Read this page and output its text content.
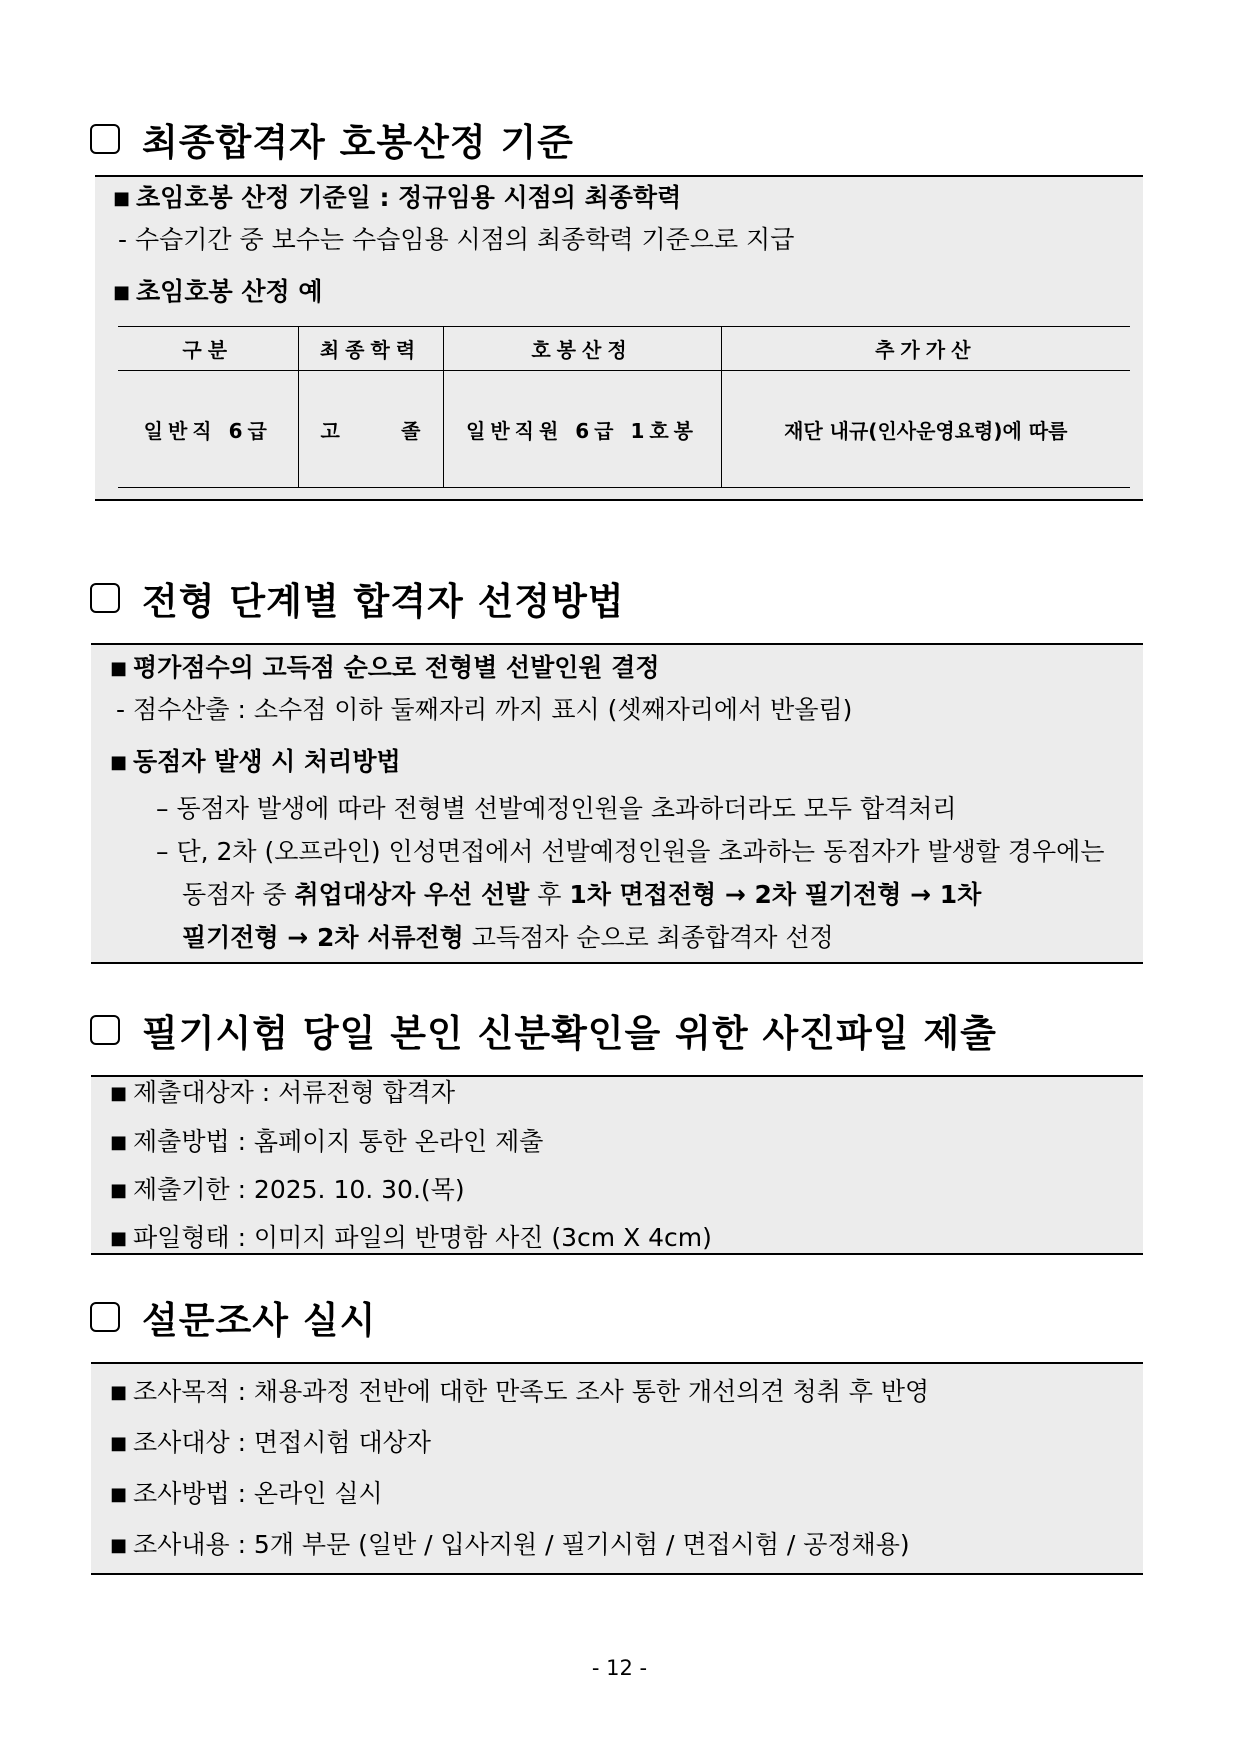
최종합격자 호봉산정 기준
■ 초임호봉 산정 기준일 : 정규임용 시점의 최종학력
- 수습기간 중 보수는 수습임용 시점의 최종학력 기준으로 지급
■ 초임호봉 산정 예
구분	최종학력	호봉산정	추가가산
일반직 6급	고 졸	일반직원 6급 1호봉	재단 내규(인사운영요령)에 따름
전형 단계별 합격자 선정방법
■ 평가점수의 고득점 순으로 전형별 선발인원 결정
- 점수산출 : 소수점 이하 둘째자리 까지 표시 (셋째자리에서 반올림)
■ 동점자 발생 시 처리방법
– 동점자 발생에 따라 전형별 선발예정인원을 초과하더라도 모두 합격처리
– 단, 2차 (오프라인) 인성면접에서 선발예정인원을 초과하는 동점자가 발생할 경우에는
동점자 중 취업대상자 우선 선발 후 1차 면접전형 → 2차 필기전형 → 1차
필기전형 → 2차 서류전형 고득점자 순으로 최종합격자 선정
필기시험 당일 본인 신분확인을 위한 사진파일 제출
■ 제출대상자 : 서류전형 합격자
■ 제출방법 : 홈페이지 통한 온라인 제출
■ 제출기한 : 2025. 10. 30.(목)
■ 파일형태 : 이미지 파일의 반명함 사진 (3cm X 4cm)
설문조사 실시
■ 조사목적 : 채용과정 전반에 대한 만족도 조사 통한 개선의견 청취 후 반영
■ 조사대상 : 면접시험 대상자
■ 조사방법 : 온라인 실시
■ 조사내용 : 5개 부문 (일반 / 입사지원 / 필기시험 / 면접시험 / 공정채용)
- 12 -
